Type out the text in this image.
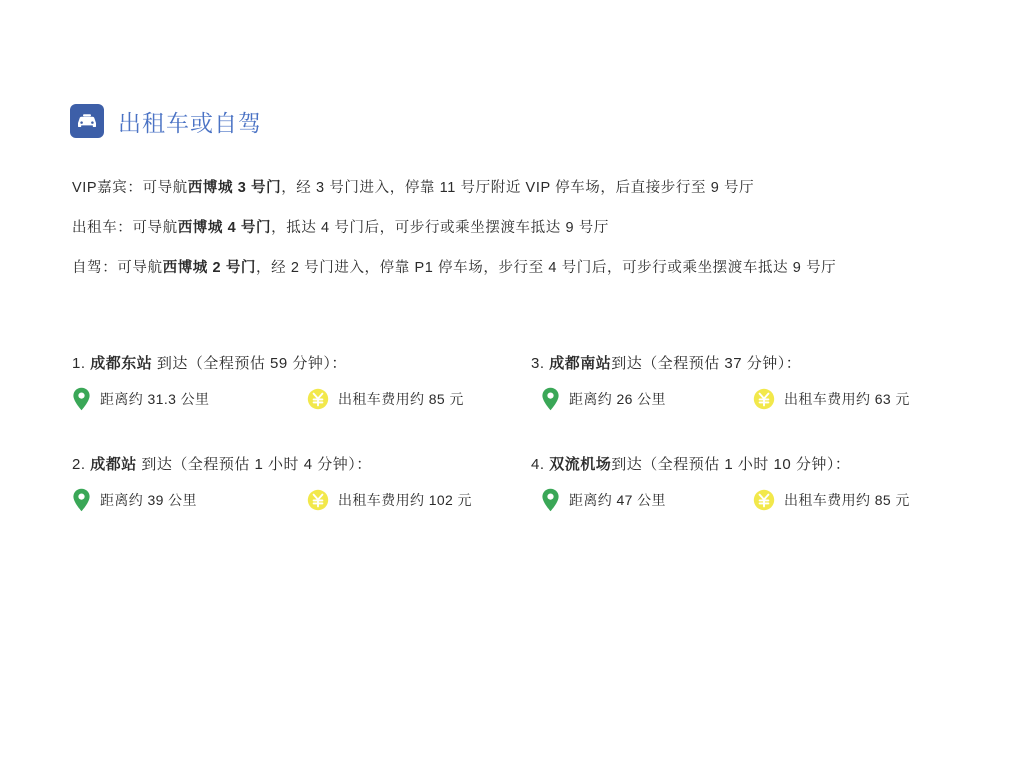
出租车或自驾
VIP嘉宾：可导航西博城 3 号门，经 3 号门进入，停靠 11 号厅附近 VIP 停车场，后直接步行至 9 号厅
出租车：可导航西博城 4 号门，抵达 4 号门后，可步行或乘坐摆渡车抵达 9 号厅
自驾：可导航西博城 2 号门，经 2 号门进入，停靠 P1 停车场，步行至 4 号门后，可步行或乘坐摆渡车抵达 9 号厅
1. 成都东站 到达（全程预估 59 分钟）：
距离约 31.3 公里	出租车费用约 85 元
2. 成都站 到达（全程预估 1 小时 4 分钟）：
距离约 39 公里	出租车费用约 102 元
3. 成都南站到达（全程预估 37 分钟）：
距离约 26 公里	出租车费用约 63 元
4. 双流机场到达（全程预估 1 小时 10 分钟）：
距离约 47 公里	出租车费用约 85 元
